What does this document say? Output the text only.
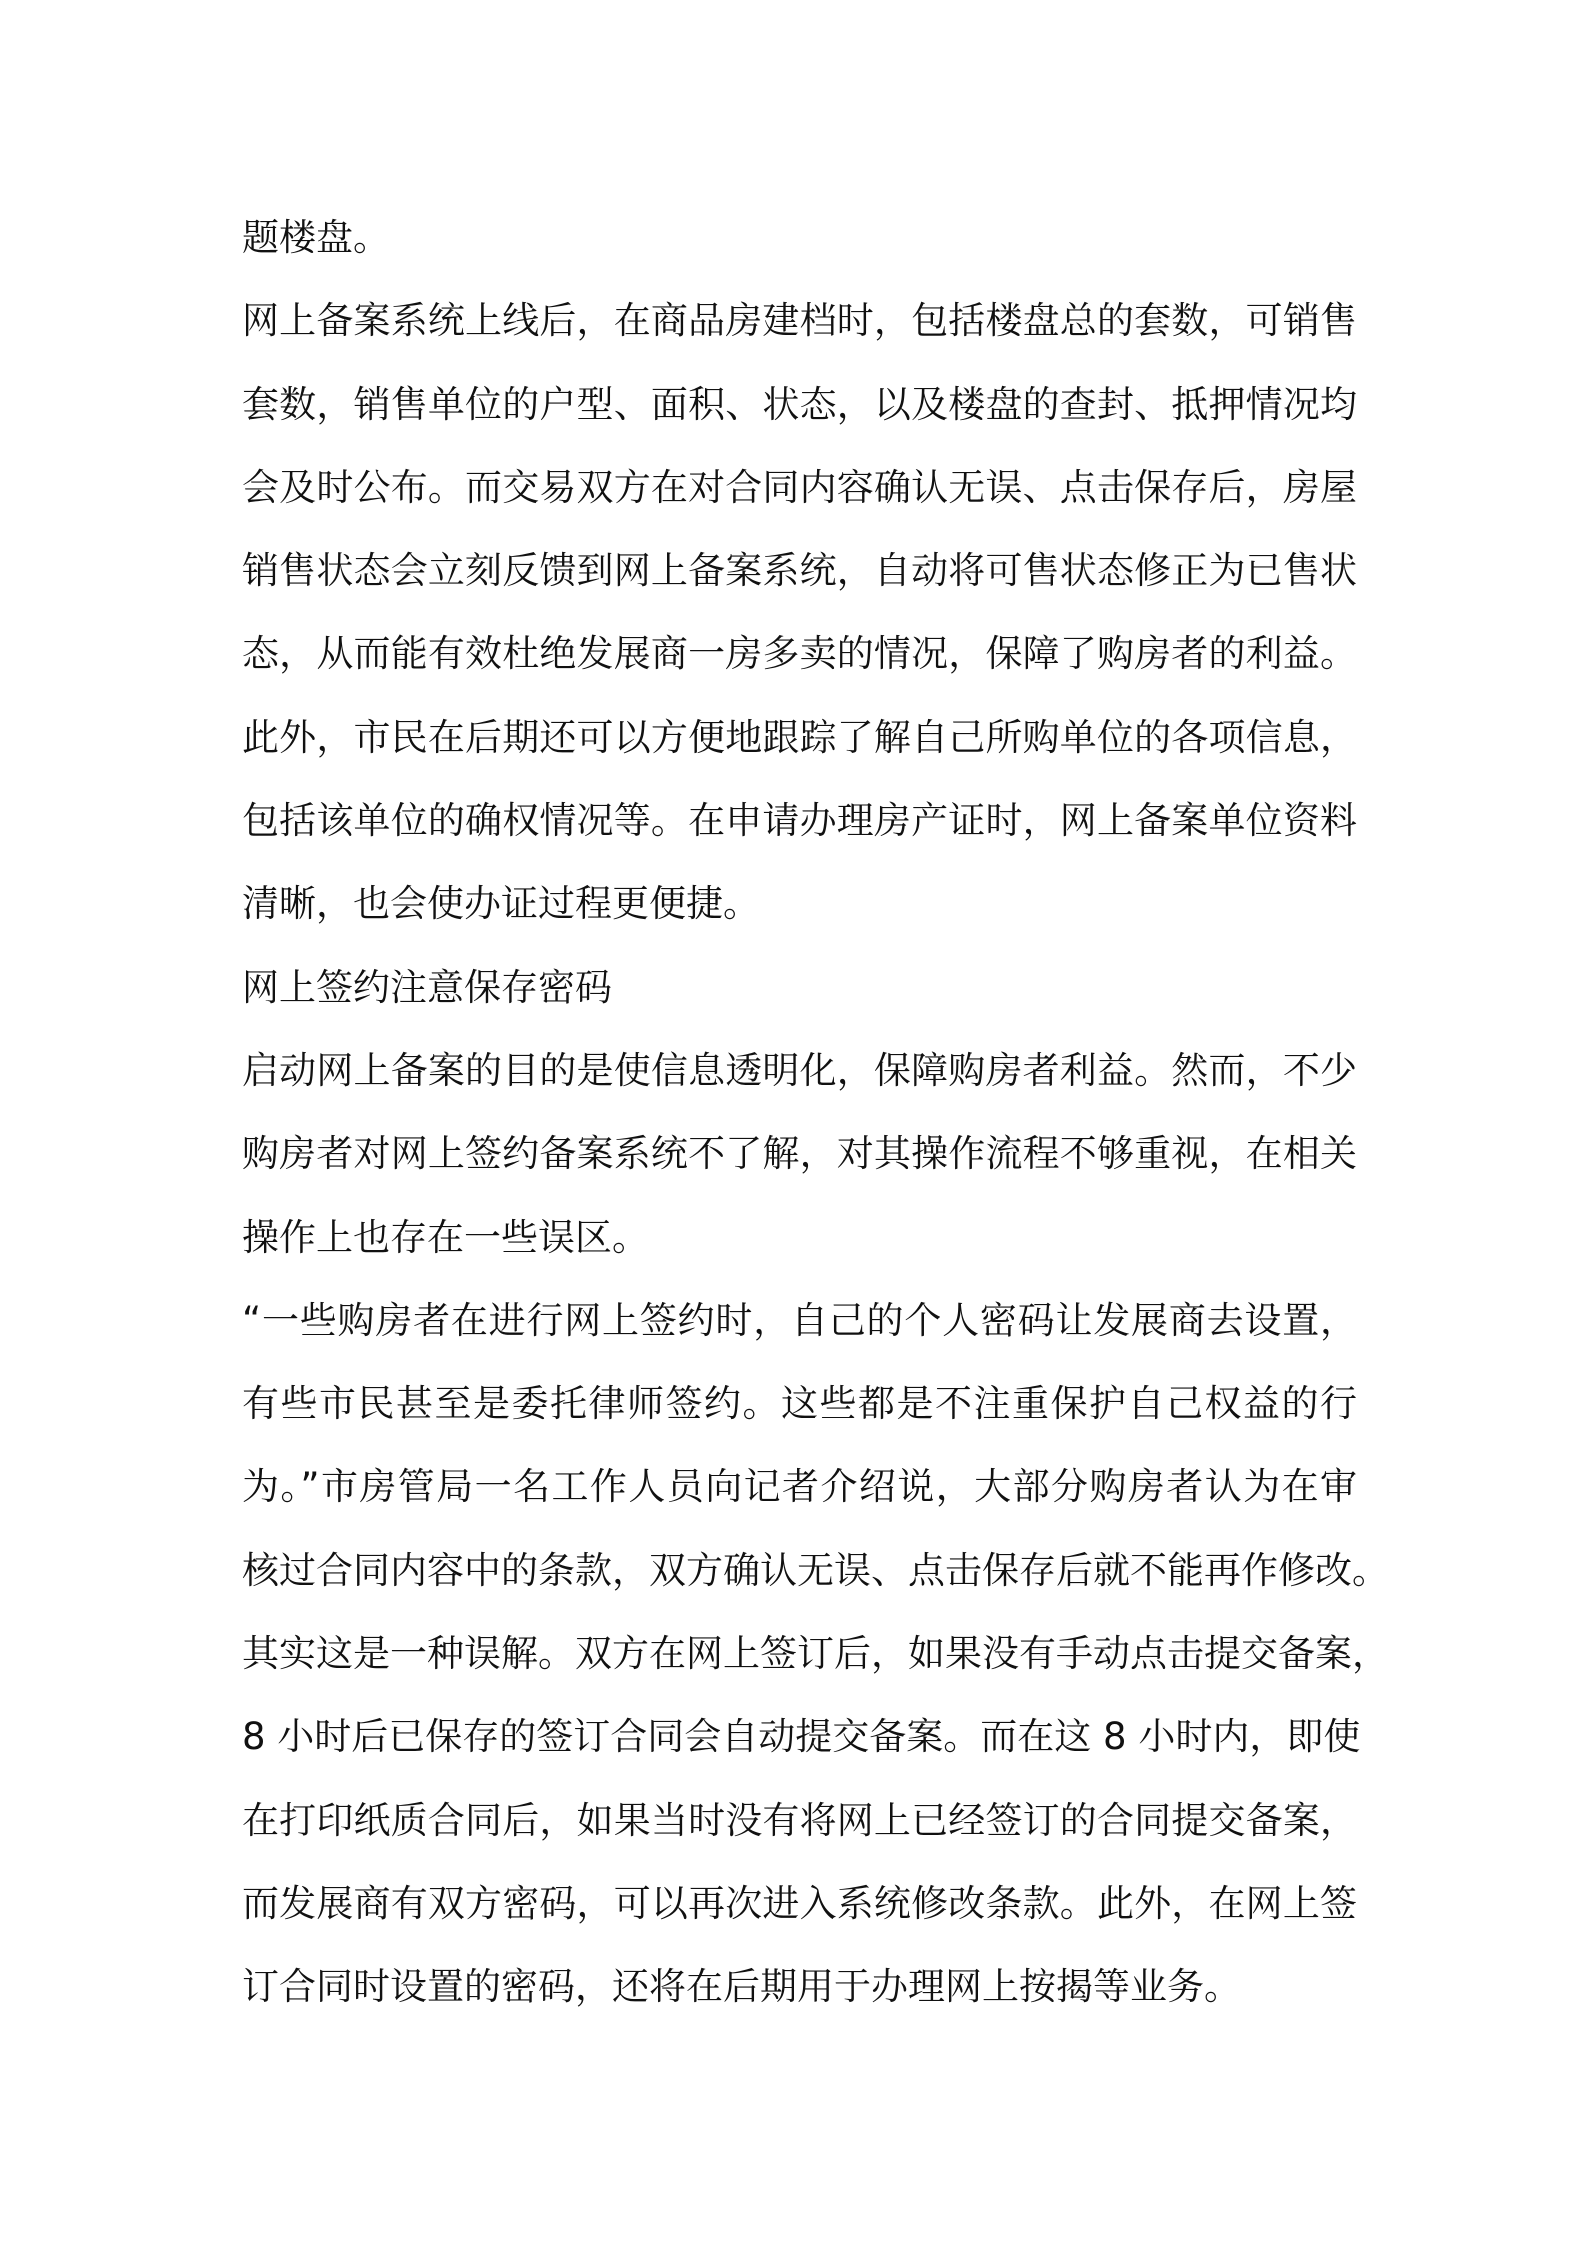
题楼盘。
网上备案系统上线后，在商品房建档时，包括楼盘总的套数，可销售
套数，销售单位的户型、面积、状态，以及楼盘的查封、抵押情况均
会及时公布。而交易双方在对合同内容确认无误、点击保存后，房屋
销售状态会立刻反馈到网上备案系统，自动将可售状态修正为已售状
态，从而能有效杜绝发展商一房多卖的情况，保障了购房者的利益。
此外，市民在后期还可以方便地跟踪了解自己所购单位的各项信息，
包括该单位的确权情况等。在申请办理房产证时，网上备案单位资料
清晰，也会使办证过程更便捷。
网上签约注意保存密码
启动网上备案的目的是使信息透明化，保障购房者利益。然而，不少
购房者对网上签约备案系统不了解，对其操作流程不够重视，在相关
操作上也存在一些误区。
“一些购房者在进行网上签约时，自己的个人密码让发展商去设置，
有些市民甚至是委托律师签约。这些都是不注重保护自己权益的行
为。”市房管局一名工作人员向记者介绍说，大部分购房者认为在审
核过合同内容中的条款，双方确认无误、点击保存后就不能再作修改。
其实这是一种误解。双方在网上签订后，如果没有手动点击提交备案，
8 小时后已保存的签订合同会自动提交备案。而在这 8 小时内，即使
在打印纸质合同后，如果当时没有将网上已经签订的合同提交备案，
而发展商有双方密码，可以再次进入系统修改条款。此外，在网上签
订合同时设置的密码，还将在后期用于办理网上按揭等业务。
